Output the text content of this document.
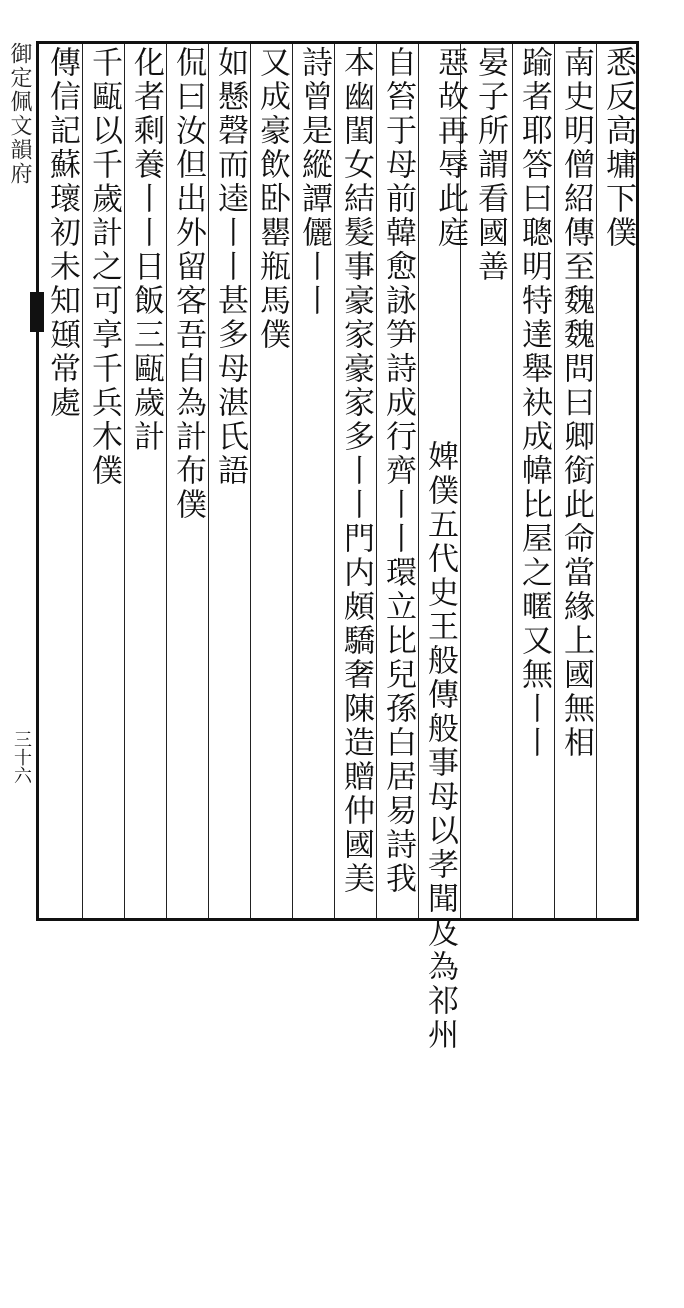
悉反高墉下僕
南史明僧紹傳至魏魏問曰卿銜此命當緣上國無相
踰者耶答曰聰明特達舉袂成幃比屋之暱又無丨丨
晏子所謂看國善
惡故再辱此庭
婢僕五代史王般傳般事母以孝聞及為祁州
自笞于母前韓愈詠笋詩成行齊丨丨環立比兒孫白居易詩我
本幽閨女結髮事豪家豪家多丨丨門内頗驕奢陳造贈仲國美
詩曾是縱譚儷丨丨
又成豪飲卧罌瓶馬僕
如懸磬而逵丨丨甚多母湛氏語
侃曰汝但出外留客吾自為計布僕
化者剩養丨丨日飯三甌歲計
千甌以千歲計之可享千兵木僕
傳信記蘇瓌初未知頲常處
御定佩文韻府
三十六
